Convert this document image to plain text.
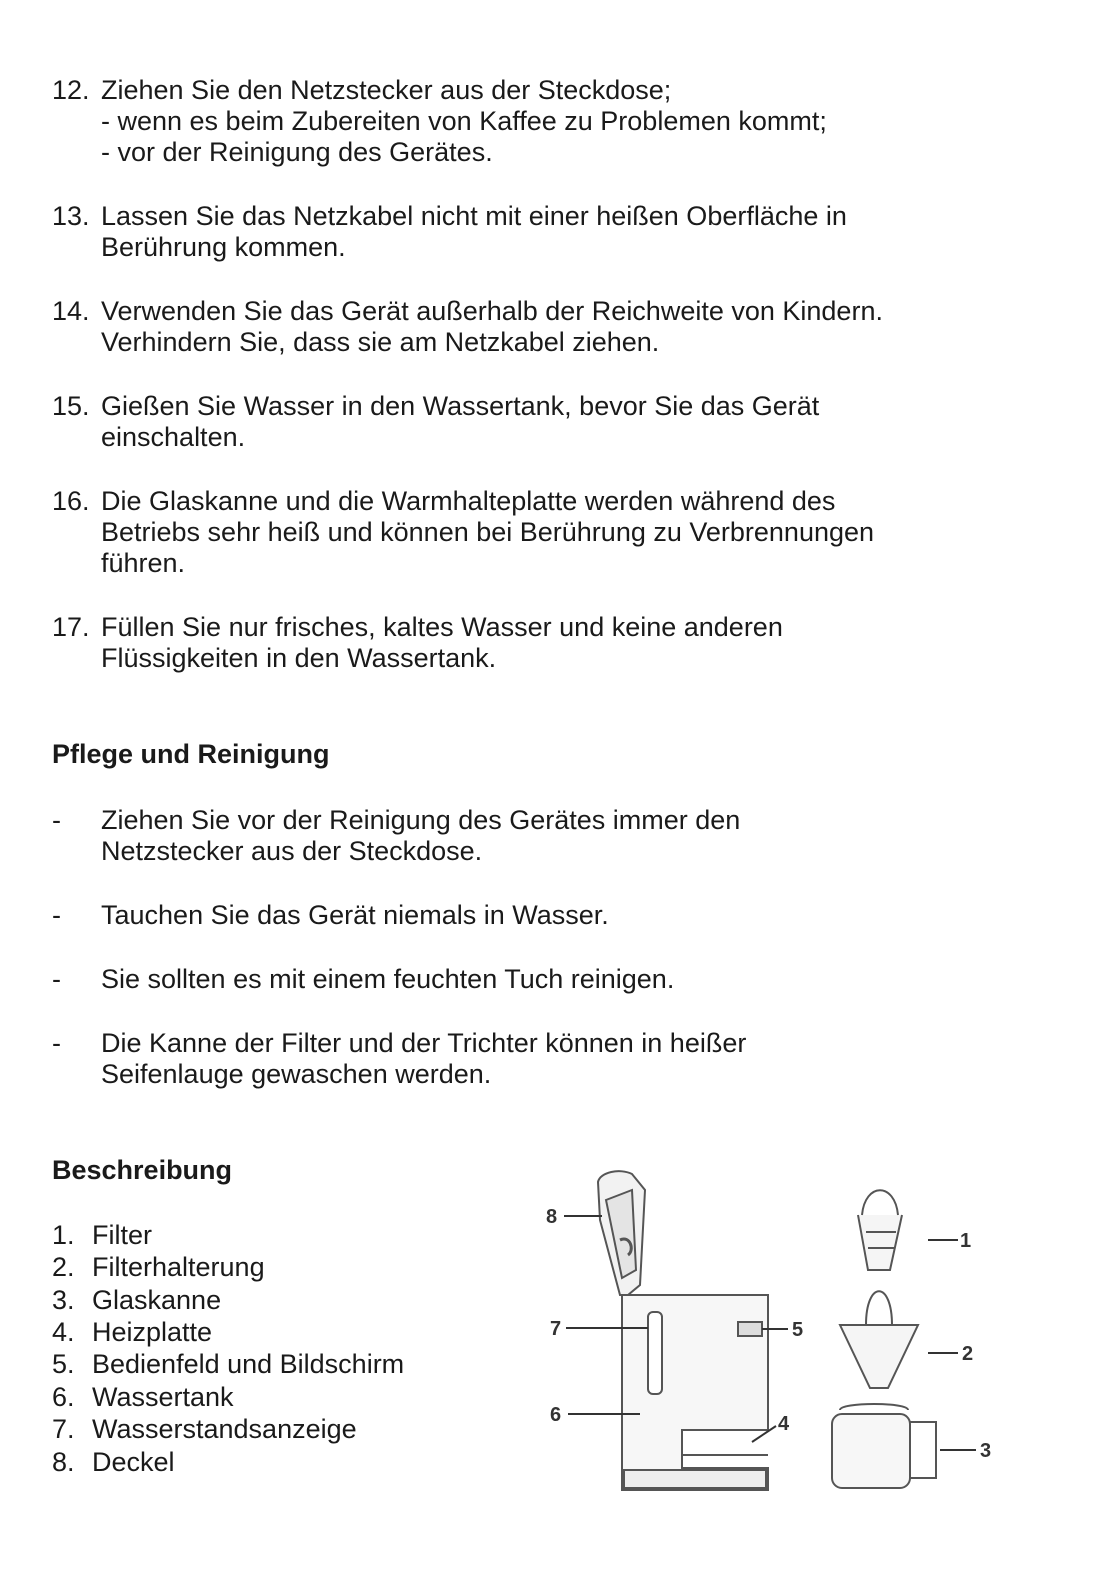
12. Ziehen Sie den Netzstecker aus der Steckdose;
- wenn es beim Zubereiten von Kaffee zu Problemen kommt;
- vor der Reinigung des Gerätes.
13. Lassen Sie das Netzkabel nicht mit einer heißen Oberfläche in
Berührung kommen.
14. Verwenden Sie das Gerät außerhalb der Reichweite von Kindern.
Verhindern Sie, dass sie am Netzkabel ziehen.
15. Gießen Sie Wasser in den Wassertank, bevor Sie das Gerät
einschalten.
16. Die Glaskanne und die Warmhalteplatte werden während des
Betriebs sehr heiß und können bei Berührung zu Verbrennungen
führen.
17. Füllen Sie nur frisches, kaltes Wasser und keine anderen
Flüssigkeiten in den Wassertank.
Pflege und Reinigung
- Ziehen Sie vor der Reinigung des Gerätes immer den
Netzstecker aus der Steckdose.
- Tauchen Sie das Gerät niemals in Wasser.
- Sie sollten es mit einem feuchten Tuch reinigen.
- Die Kanne der Filter und der Trichter können in heißer
Seifenlauge gewaschen werden.
Beschreibung
1. Filter
2. Filterhalterung
3. Glaskanne
4. Heizplatte
5. Bedienfeld und Bildschirm
6. Wassertank
7. Wasserstandsanzeige
8. Deckel
8
1
2
3
4
5
6
7
